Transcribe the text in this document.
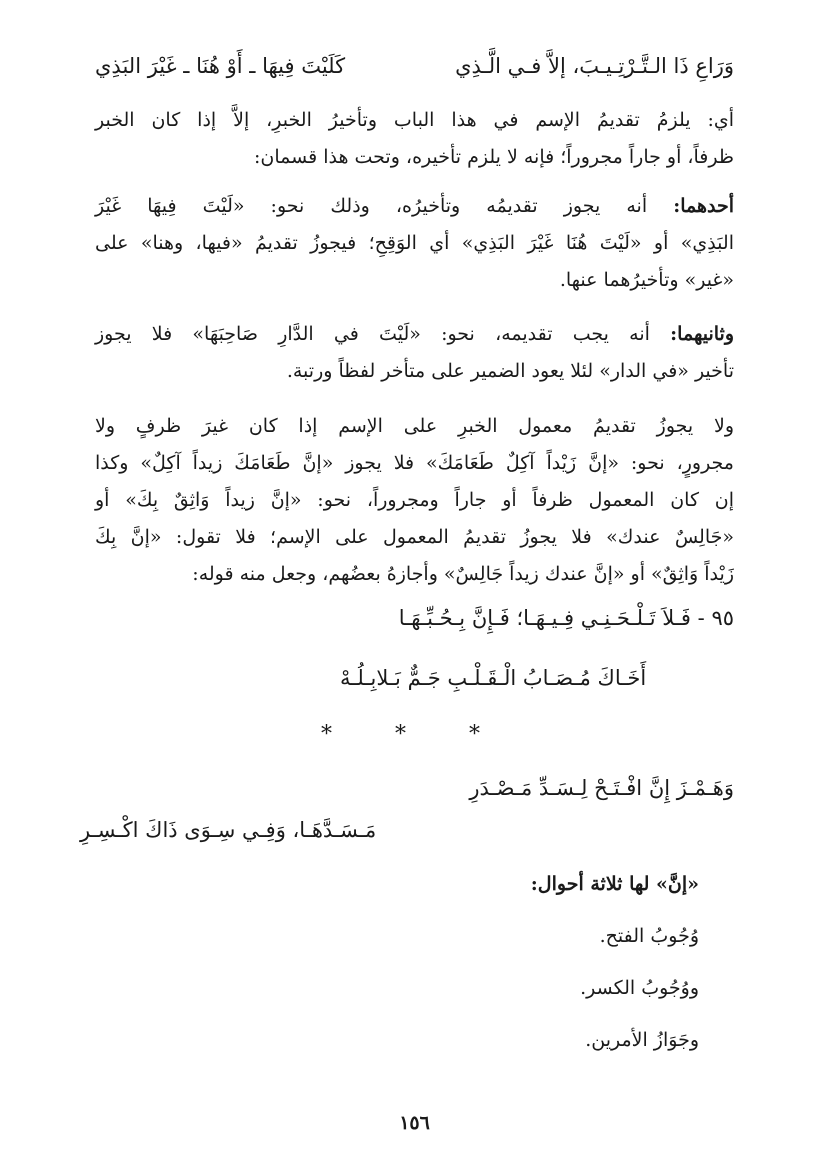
وَرَاعِ ذَا الـتَّـرْتِـيـبَ، إلاَّ فـي الَّـذِي
كَلَيْتَ فِيهَا ـ أَوْ هُنَا ـ غَيْرَ البَذِي
أي: يلزمُ تقديمُ الإسم في هذا الباب وتأخيرُ الخبرِ، إلاَّ إذا كان الخبر
ظرفاً، أو جاراً مجروراً؛ فإنه لا يلزم تأخيره، وتحت هذا قسمان:
أحدهما: أنه يجوز تقديمُه وتأخيرُه، وذلك نحو: «لَيْتَ فِيهَا غَيْرَ
البَذِي» أو «لَيْتَ هُنَا غَيْرَ البَذِي» أي الوَقِحِ؛ فيجوزُ تقديمُ «فيها، وهنا» على
«غير» وتأخيرُهما عنها.
وثانيهما: أنه يجب تقديمه، نحو: «لَيْتَ في الدَّارِ صَاحِبَهَا» فلا يجوز
تأخير «في الدار» لئلا يعود الضمير على متأخر لفظاً ورتبة.
ولا يجوزُ تقديمُ معمول الخبرِ على الإسم إذا كان غيرَ ظرفٍ ولا
مجرورٍ، نحو: «إنَّ زَيْداً آكِلٌ طَعَامَكَ» فلا يجوز «إنَّ طَعَامَكَ زيداً آكِلٌ» وكذا
إن كان المعمول ظرفاً أو جاراً ومجروراً، نحو: «إنَّ زيداً وَاثِقٌ بِكَ» أو
«جَالِسٌ عندك» فلا يجوزُ تقديمُ المعمول على الإسم؛ فلا تقول: «إنَّ بِكَ
زَيْداً وَاثِقٌ» أو «إنَّ عندك زيداً جَالِسٌ» وأجازهُ بعضُهم، وجعل منه قوله:
٩٥ - فَـلاَ تَـلْـحَـنِـي فِـيـهَـا؛ فَـإِنَّ بِـحُـبِّـهَـا
أَخَـاكَ مُـصَـابُ الْـقَـلْـبِ جَـمٌّ بَـلابِـلُـهْ
* * *
وَهَـمْـزَ إِنَّ افْـتَـحْ لِـسَـدِّ مَـصْـدَرِ
مَـسَـدَّهَـا، وَفِـي سِـوَى ذَاكَ اكْـسِـرِ
«إنَّ» لها ثلاثة أحوال:
وُجُوبُ الفتح.
ووُجُوبُ الكسر.
وجَوَازُ الأمرين.
١٥٦
